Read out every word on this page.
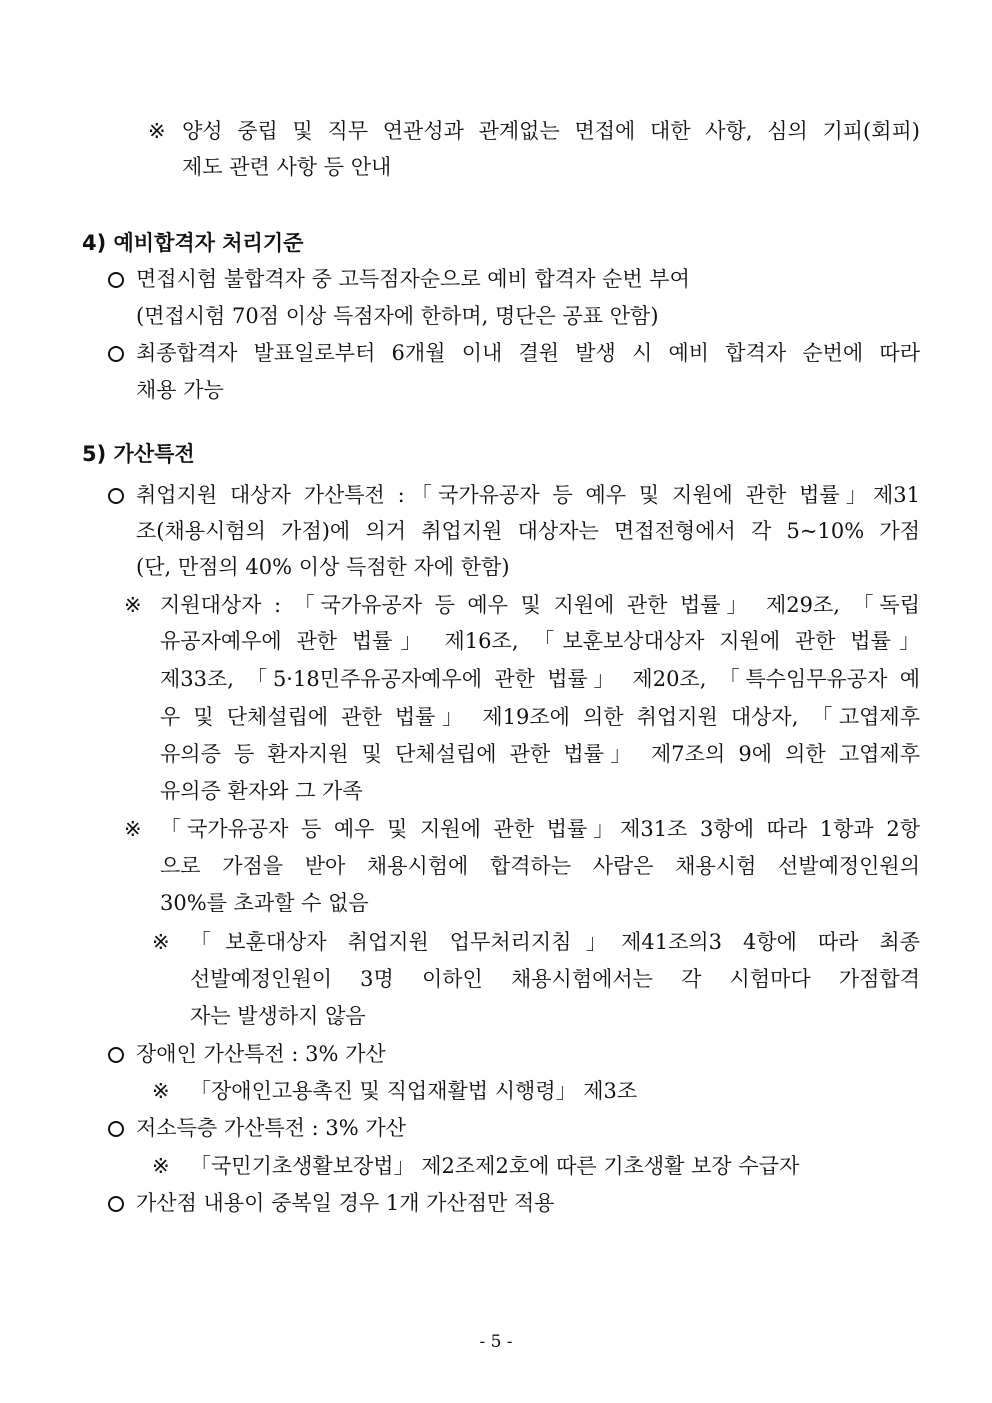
※ 양성 중립 및 직무 연관성과 관계없는 면접에 대한 사항, 심의 기피(회피)
제도 관련 사항 등 안내
4) 예비합격자 처리기준
면접시험 불합격자 중 고득점자순으로 예비 합격자 순번 부여
(면접시험 70점 이상 득점자에 한하며, 명단은 공표 안함)
최종합격자 발표일로부터 6개월 이내 결원 발생 시 예비 합격자 순번에 따라
채용 가능
5) 가산특전
취업지원 대상자 가산특전 :「국가유공자 등 예우 및 지원에 관한 법률」제31
조(채용시험의 가점)에 의거 취업지원 대상자는 면접전형에서 각 5~10% 가점
(단, 만점의 40% 이상 득점한 자에 한함)
※ 지원대상자 : 「국가유공자 등 예우 및 지원에 관한 법률」 제29조, 「독립
유공자예우에 관한 법률」 제16조, 「보훈보상대상자 지원에 관한 법률」
제33조, 「5·18민주유공자예우에 관한 법률」 제20조, 「특수임무유공자 예
우 및 단체설립에 관한 법률」 제19조에 의한 취업지원 대상자, 「고엽제후
유의증 등 환자지원 및 단체설립에 관한 법률」 제7조의 9에 의한 고엽제후
유의증 환자와 그 가족
※ 「국가유공자 등 예우 및 지원에 관한 법률」제31조 3항에 따라 1항과 2항
으로 가점을 받아 채용시험에 합격하는 사람은 채용시험 선발예정인원의
30%를 초과할 수 없음
※ 「보훈대상자 취업지원 업무처리지침」제41조의3 4항에 따라 최종
선발예정인원이 3명 이하인 채용시험에서는 각 시험마다 가점합격
자는 발생하지 않음
장애인 가산특전 : 3% 가산
※ 「장애인고용촉진 및 직업재활법 시행령」 제3조
저소득층 가산특전 : 3% 가산
※ 「국민기초생활보장법」 제2조제2호에 따른 기초생활 보장 수급자
가산점 내용이 중복일 경우 1개 가산점만 적용
- 5 -
